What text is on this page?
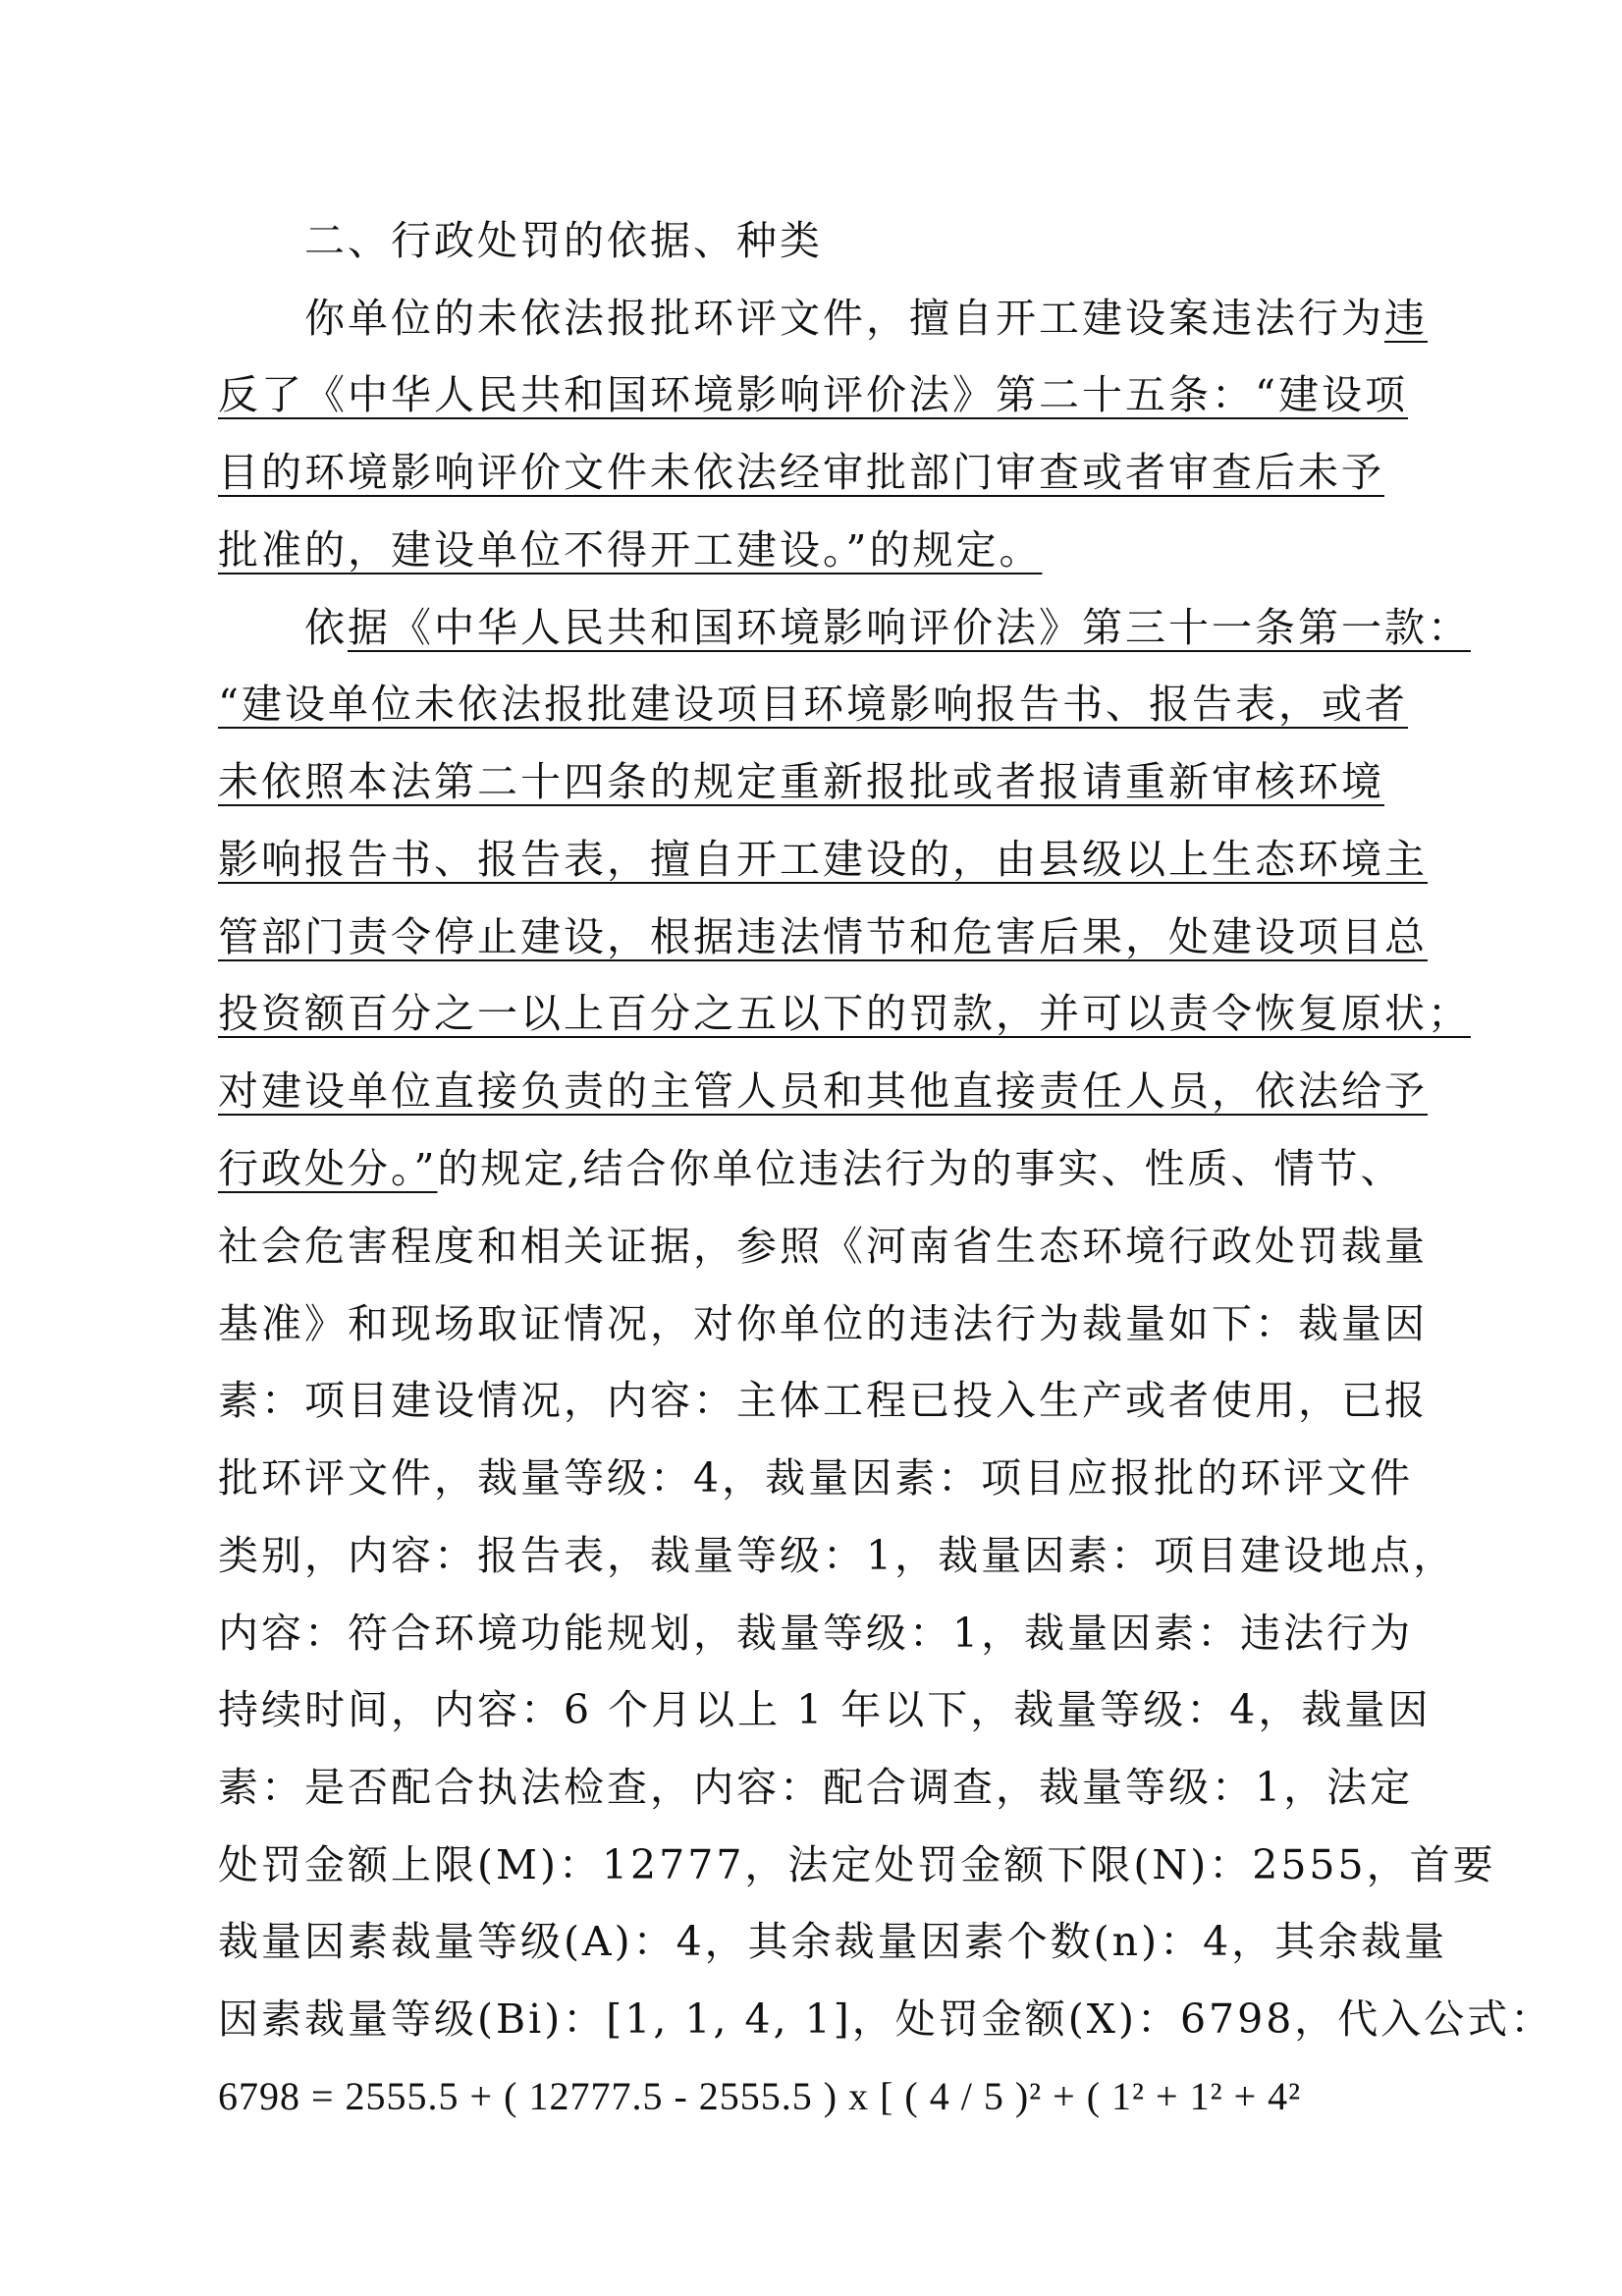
二、行政处罚的依据、种类
你单位的未依法报批环评文件，擅自开工建设案违法行为违
反了《中华人民共和国环境影响评价法》第二十五条：“建设项
目的环境影响评价文件未依法经审批部门审查或者审查后未予
批准的，建设单位不得开工建设。”的规定。
依据《中华人民共和国环境影响评价法》第三十一条第一款：
“建设单位未依法报批建设项目环境影响报告书、报告表，或者
未依照本法第二十四条的规定重新报批或者报请重新审核环境
影响报告书、报告表，擅自开工建设的，由县级以上生态环境主
管部门责令停止建设，根据违法情节和危害后果，处建设项目总
投资额百分之一以上百分之五以下的罚款，并可以责令恢复原状；
对建设单位直接负责的主管人员和其他直接责任人员，依法给予
行政处分。”的规定,结合你单位违法行为的事实、性质、情节、
社会危害程度和相关证据，参照《河南省生态环境行政处罚裁量
基准》和现场取证情况，对你单位的违法行为裁量如下：裁量因
素：项目建设情况，内容：主体工程已投入生产或者使用，已报
批环评文件，裁量等级：4，裁量因素：项目应报批的环评文件
类别，内容：报告表，裁量等级：1，裁量因素：项目建设地点，
内容：符合环境功能规划，裁量等级：1，裁量因素：违法行为
持续时间，内容：6 个月以上 1 年以下，裁量等级：4，裁量因
素：是否配合执法检查，内容：配合调查，裁量等级：1，法定
处罚金额上限(M)：12777，法定处罚金额下限(N)：2555，首要
裁量因素裁量等级(A)：4，其余裁量因素个数(n)：4，其余裁量
因素裁量等级(Bi)：[1, 1, 4, 1]，处罚金额(X)：6798，代入公式：
6798 = 2555.5 + ( 12777.5 - 2555.5 ) x [ ( 4 / 5 )² + ( 1² + 1² + 4²
